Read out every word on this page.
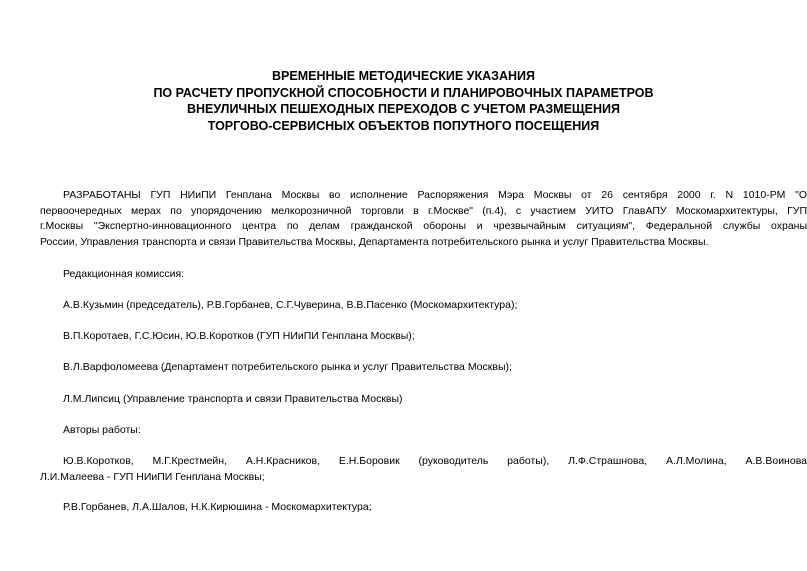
ВРЕМЕННЫЕ МЕТОДИЧЕСКИЕ УКАЗАНИЯ
ПО РАСЧЕТУ ПРОПУСКНОЙ СПОСОБНОСТИ И ПЛАНИРОВОЧНЫХ ПАРАМЕТРОВ
ВНЕУЛИЧНЫХ ПЕШЕХОДНЫХ ПЕРЕХОДОВ С УЧЕТОМ РАЗМЕЩЕНИЯ
ТОРГОВО-СЕРВИСНЫХ ОБЪЕКТОВ ПОПУТНОГО ПОСЕЩЕНИЯ
РАЗРАБОТАНЫ ГУП НИиПИ Генплана Москвы во исполнение Распоряжения Мэра Москвы от 26 сентября 2000 г. N 1010-РМ "О
первоочередных мерах по упорядочению мелкорозничной торговли в г.Москве" (п.4), с участием УИТО ГлавАПУ Москомархитектуры, ГУП
г.Москвы "Экспертно-инновационного центра по делам гражданской обороны и чрезвычайным ситуациям", Федеральной службы охраны
России, Управления транспорта и связи Правительства Москвы, Департамента потребительского рынка и услуг Правительства Москвы.
Редакционная комиссия:
А.В.Кузьмин (председатель), Р.В.Горбанев, С.Г.Чуверина, В.В.Пасенко (Москомархитектура);
В.П.Коротаев, Г.С.Юсин, Ю.В.Коротков (ГУП НИиПИ Генплана Москвы);
В.Л.Варфоломеева (Департамент потребительского рынка и услуг Правительства Москвы);
Л.М.Липсиц (Управление транспорта и связи Правительства Москвы)
Авторы работы:
Ю.В.Коротков, М.Г.Крестмейн, А.Н.Красников, Е.Н.Боровик (руководитель работы), Л.Ф.Страшнова, А.Л.Молина, А.В.Воинова
Л.И.Малеева - ГУП НИиПИ Генплана Москвы;
Р.В.Горбанев, Л.А.Шалов, Н.К.Кирюшина - Москомархитектура;
